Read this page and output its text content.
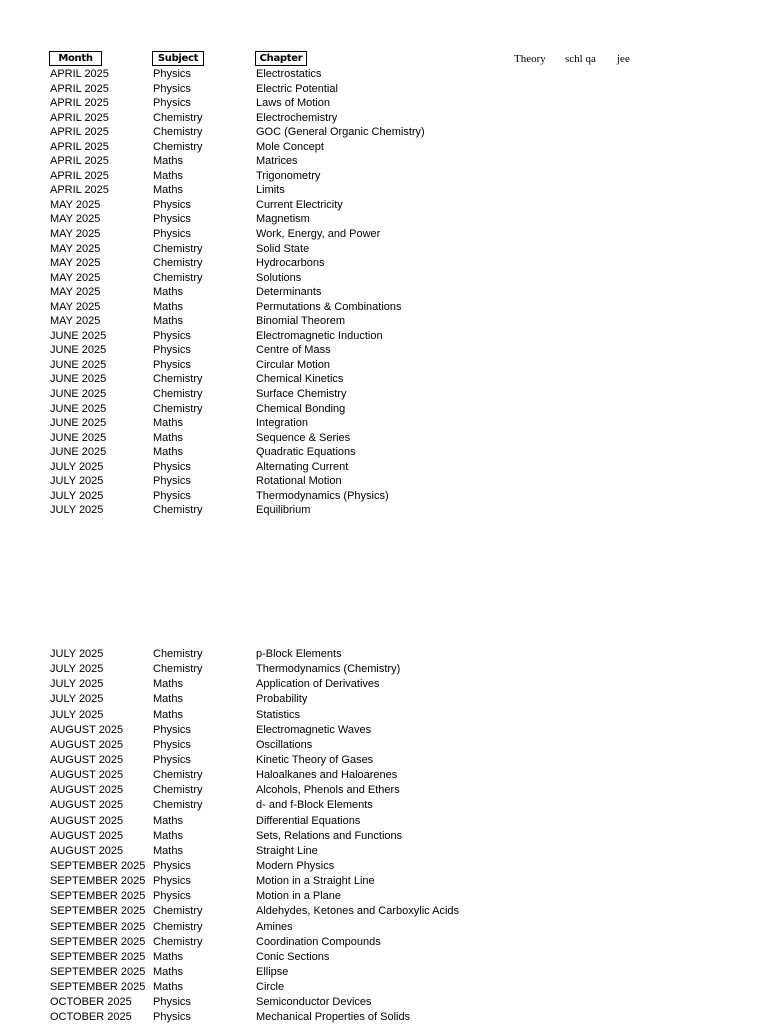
Month	Subject	Chapter	Theory schl qa jee
APRIL 2025	Physics	Electrostatics
APRIL 2025	Physics	Electric Potential
APRIL 2025	Physics	Laws of Motion
APRIL 2025	Chemistry	Electrochemistry
APRIL 2025	Chemistry	GOC (General Organic Chemistry)
APRIL 2025	Chemistry	Mole Concept
APRIL 2025	Maths	Matrices
APRIL 2025	Maths	Trigonometry
APRIL 2025	Maths	Limits
MAY 2025	Physics	Current Electricity
MAY 2025	Physics	Magnetism
MAY 2025	Physics	Work, Energy, and Power
MAY 2025	Chemistry	Solid State
MAY 2025	Chemistry	Hydrocarbons
MAY 2025	Chemistry	Solutions
MAY 2025	Maths	Determinants
MAY 2025	Maths	Permutations & Combinations
MAY 2025	Maths	Binomial Theorem
JUNE 2025	Physics	Electromagnetic Induction
JUNE 2025	Physics	Centre of Mass
JUNE 2025	Physics	Circular Motion
JUNE 2025	Chemistry	Chemical Kinetics
JUNE 2025	Chemistry	Surface Chemistry
JUNE 2025	Chemistry	Chemical Bonding
JUNE 2025	Maths	Integration
JUNE 2025	Maths	Sequence & Series
JUNE 2025	Maths	Quadratic Equations
JULY 2025	Physics	Alternating Current
JULY 2025	Physics	Rotational Motion
JULY 2025	Physics	Thermodynamics (Physics)
JULY 2025	Chemistry	Equilibrium
JULY 2025	Chemistry	p-Block Elements
JULY 2025	Chemistry	Thermodynamics (Chemistry)
JULY 2025	Maths	Application of Derivatives
JULY 2025	Maths	Probability
JULY 2025	Maths	Statistics
AUGUST 2025	Physics	Electromagnetic Waves
AUGUST 2025	Physics	Oscillations
AUGUST 2025	Physics	Kinetic Theory of Gases
AUGUST 2025	Chemistry	Haloalkanes and Haloarenes
AUGUST 2025	Chemistry	Alcohols, Phenols and Ethers
AUGUST 2025	Chemistry	d- and f-Block Elements
AUGUST 2025	Maths	Differential Equations
AUGUST 2025	Maths	Sets, Relations and Functions
AUGUST 2025	Maths	Straight Line
SEPTEMBER 2025 Physics	Modern Physics
SEPTEMBER 2025 Physics	Motion in a Straight Line
SEPTEMBER 2025 Physics	Motion in a Plane
SEPTEMBER 2025 Chemistry	Aldehydes, Ketones and Carboxylic Acids
SEPTEMBER 2025 Chemistry	Amines
SEPTEMBER 2025 Chemistry	Coordination Compounds
SEPTEMBER 2025 Maths	Conic Sections
SEPTEMBER 2025 Maths	Ellipse
SEPTEMBER 2025 Maths	Circle
OCTOBER 2025 Physics	Semiconductor Devices
OCTOBER 2025 Physics	Mechanical Properties of Solids
